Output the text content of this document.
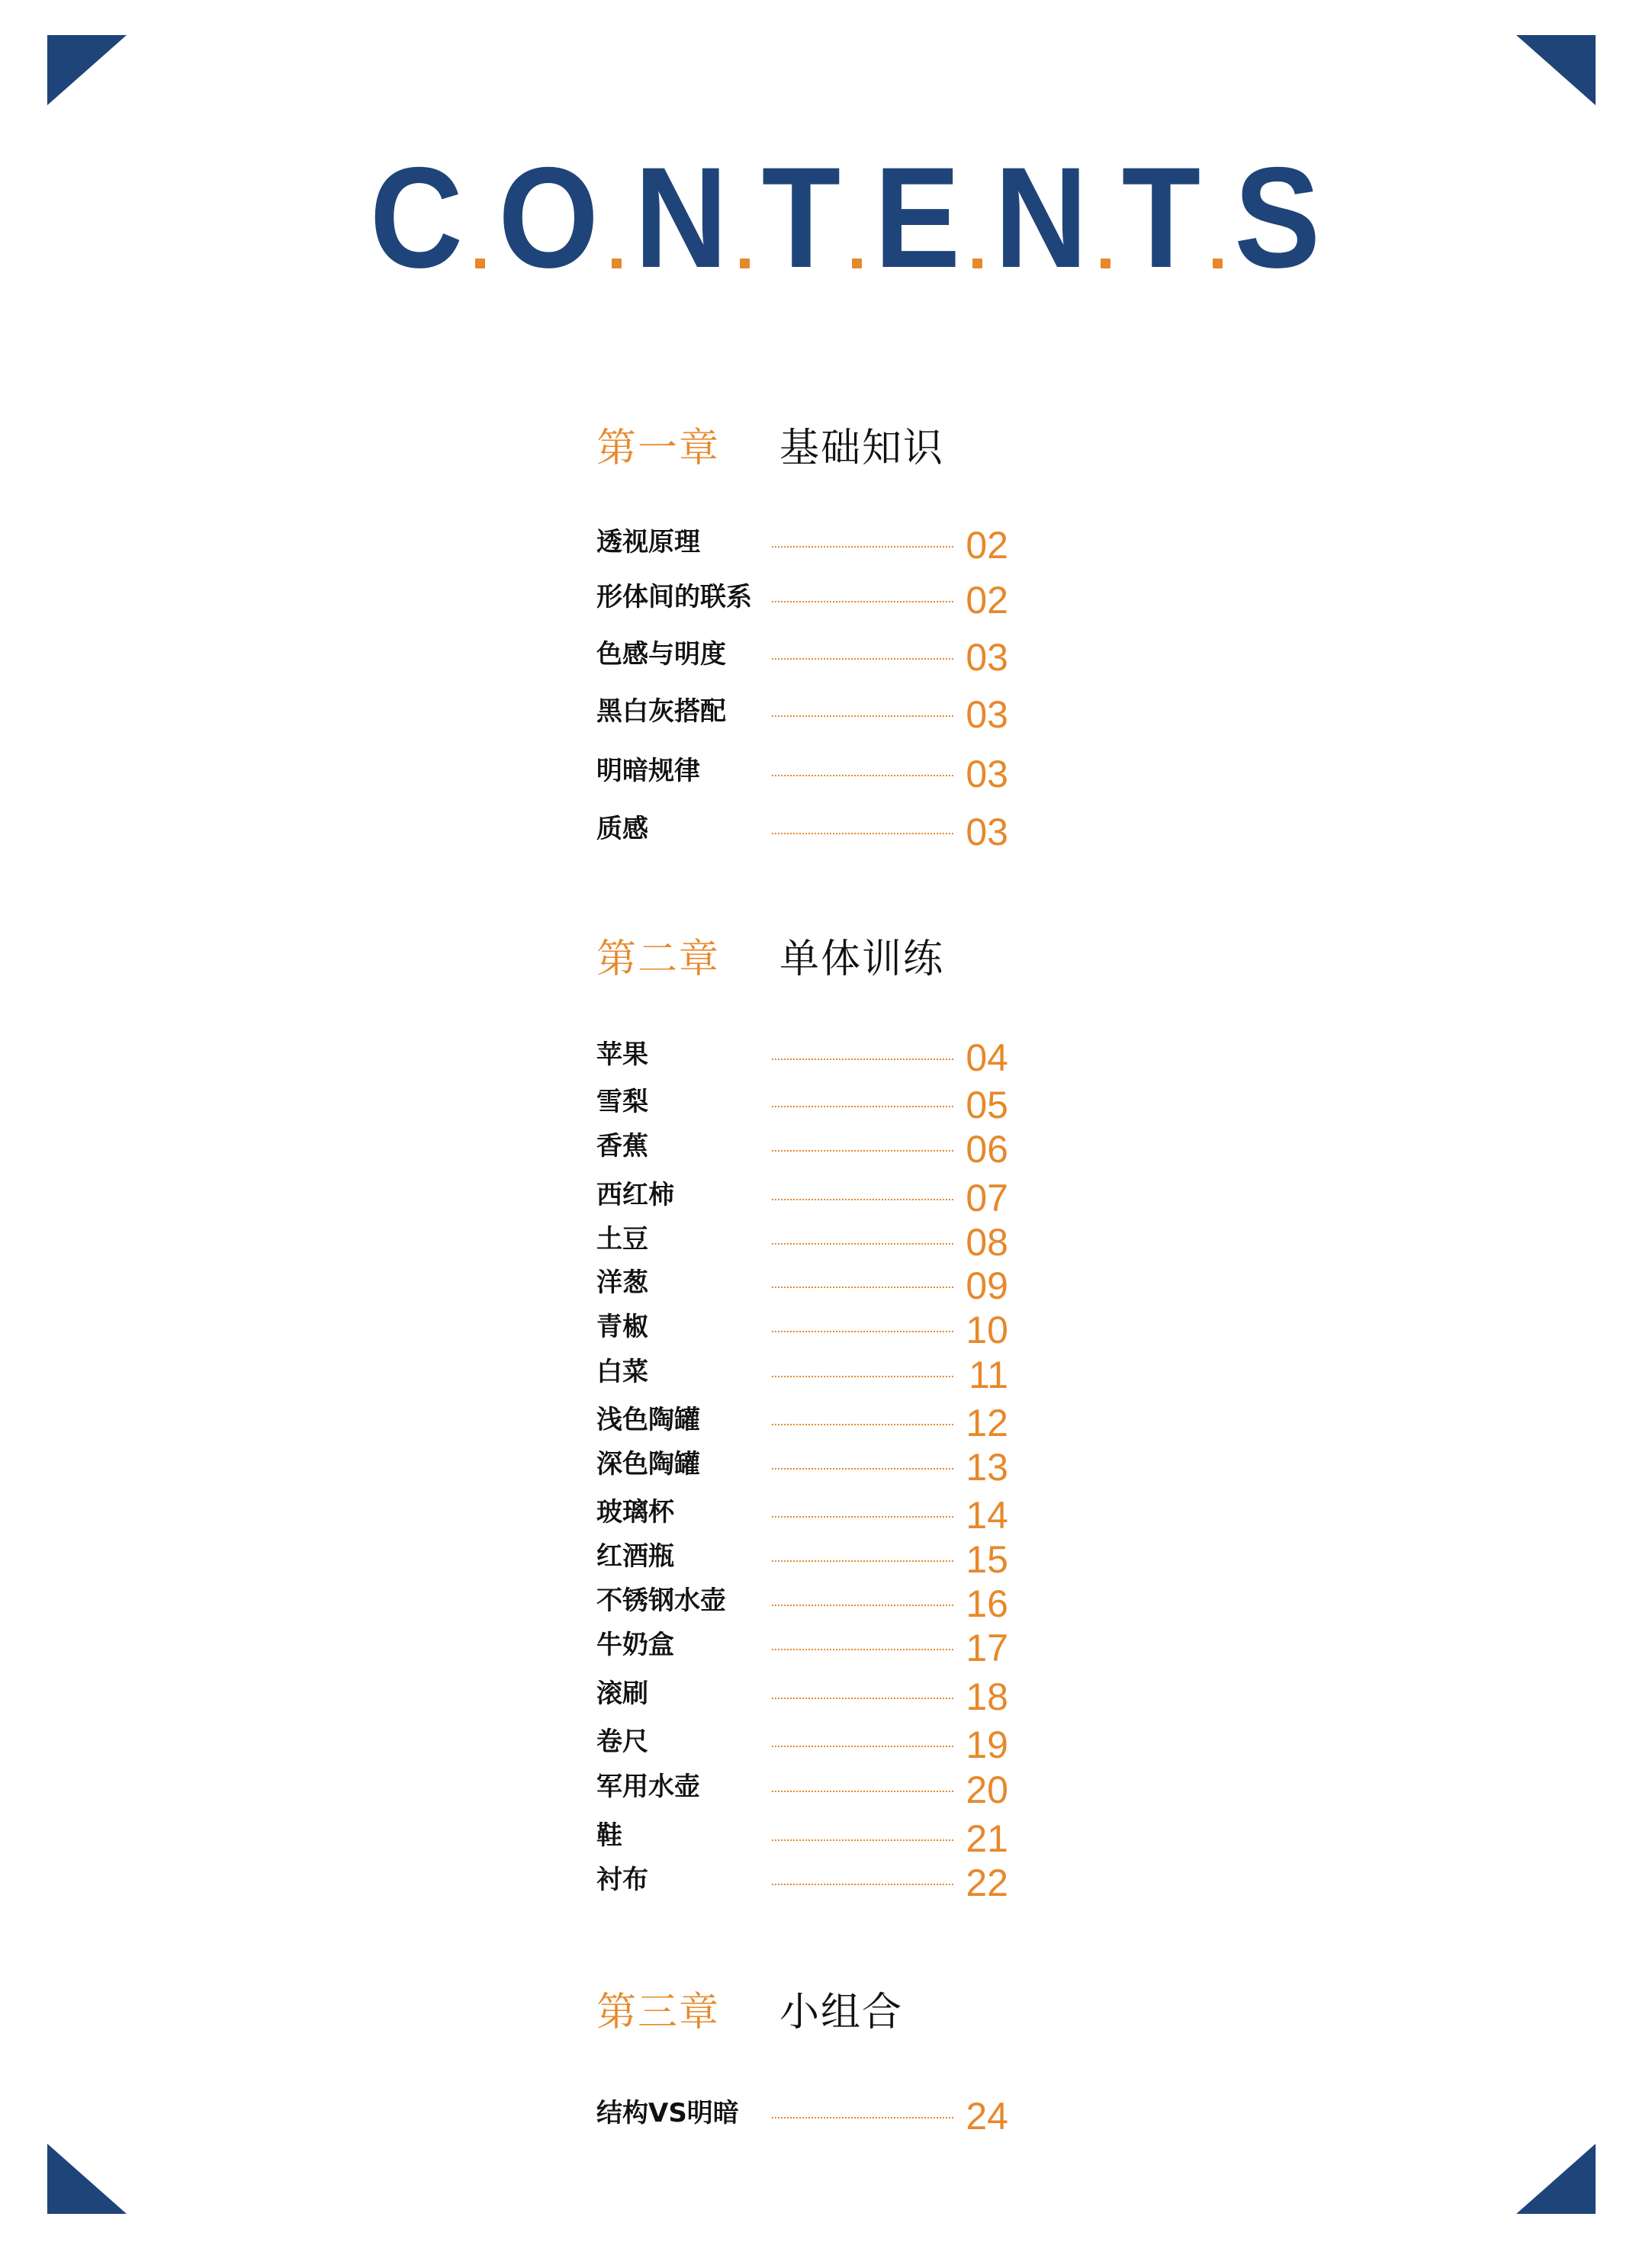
C O N T E N T S
第一章	基础知识
透视原理	02
形体间的联系	02
色感与明度	03
黑白灰搭配	03
明暗规律	03
质感	03
第二章	单体训练
苹果	04
雪梨	05
香蕉	06
西红柿	07
土豆	08
洋葱	09
青椒	10
白菜	11
浅色陶罐	12
深色陶罐	13
玻璃杯	14
红酒瓶	15
不锈钢水壶	16
牛奶盒	17
滚刷	18
卷尺	19
军用水壶	20
鞋	21
衬布	22
第三章	小组合
结构VS明暗	24
